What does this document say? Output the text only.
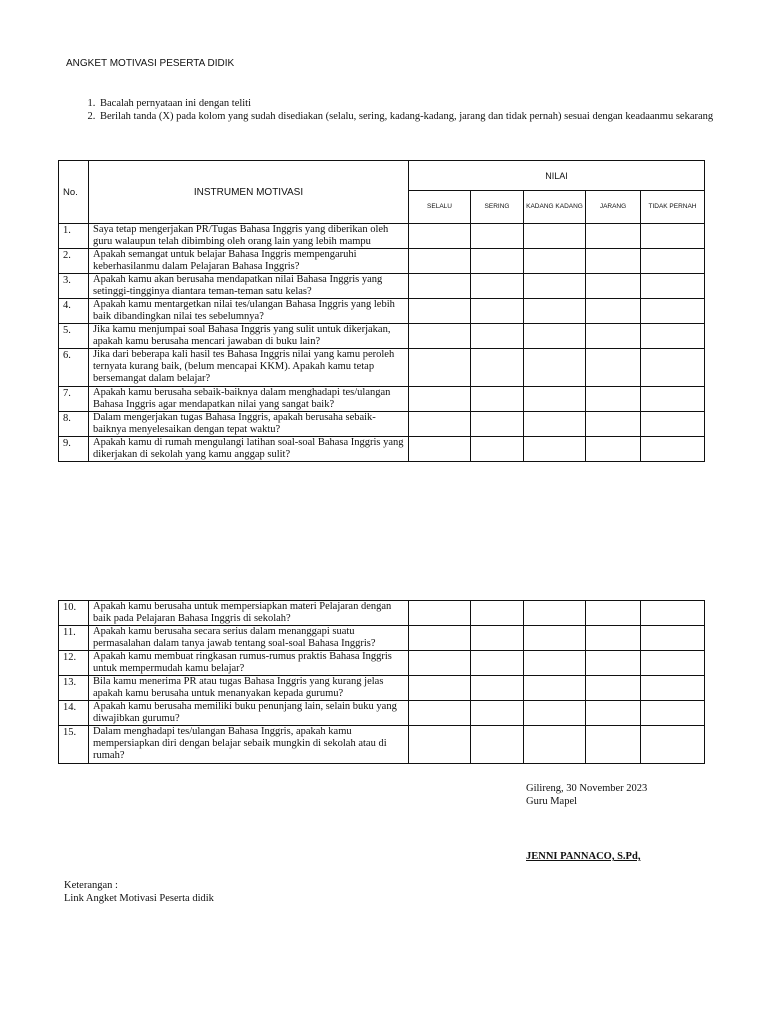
ANGKET MOTIVASI PESERTA DIDIK
1. Bacalah pernyataan ini dengan teliti
2. Berilah tanda (X) pada kolom yang sudah disediakan (selalu, sering, kadang-kadang, jarang dan tidak pernah) sesuai dengan keadaanmu sekarang
No.	INSTRUMEN MOTIVASI	NILAI				
		SELALU	SERING	KADANG KADANG	JARANG	TIDAK PERNAH
1.	Saya tetap mengerjakan PR/Tugas Bahasa Inggris yang diberikan oleh guru walaupun telah dibimbing oleh orang lain yang lebih mampu					
2.	Apakah semangat untuk belajar Bahasa Inggris mempengaruhi keberhasilanmu dalam Pelajaran Bahasa Inggris?					
3.	Apakah kamu akan berusaha mendapatkan nilai Bahasa Inggris yang setinggi-tingginya diantara teman-teman satu kelas?					
4.	Apakah kamu mentargetkan nilai tes/ulangan Bahasa Inggris yang lebih baik dibandingkan nilai tes sebelumnya?					
5.	Jika kamu menjumpai soal Bahasa Inggris yang sulit untuk dikerjakan, apakah kamu berusaha mencari jawaban di buku lain?					
6.	Jika dari beberapa kali hasil tes Bahasa Inggris nilai yang kamu peroleh ternyata kurang baik, (belum mencapai KKM). Apakah kamu tetap bersemangat dalam belajar?					
7.	Apakah kamu berusaha sebaik-baiknya dalam menghadapi tes/ulangan Bahasa Inggris agar mendapatkan nilai yang sangat baik?					
8.	Dalam mengerjakan tugas Bahasa Inggris, apakah berusaha sebaik-baiknya menyelesaikan dengan tepat waktu?					
9.	Apakah kamu di rumah mengulangi latihan soal-soal Bahasa Inggris yang dikerjakan di sekolah yang kamu anggap sulit?					
10.	Apakah kamu berusaha untuk mempersiapkan materi Pelajaran dengan baik pada Pelajaran Bahasa Inggris di sekolah?					
11.	Apakah kamu berusaha secara serius dalam menanggapi suatu permasalahan dalam tanya jawab tentang soal-soal Bahasa Inggris?					
12.	Apakah kamu membuat ringkasan rumus-rumus praktis Bahasa Inggris untuk mempermudah kamu belajar?					
13.	Bila kamu menerima PR atau tugas Bahasa Inggris yang kurang jelas apakah kamu berusaha untuk menanyakan kepada gurumu?					
14.	Apakah kamu berusaha memiliki buku penunjang lain, selain buku yang diwajibkan gurumu?					
15.	Dalam menghadapi tes/ulangan Bahasa Inggris, apakah kamu mempersiapkan diri dengan belajar sebaik mungkin di sekolah atau di rumah?					
Gilireng, 30 November 2023
Guru Mapel
JENNI PANNACO, S.Pd,
Keterangan :
Link Angket Motivasi Peserta didik
